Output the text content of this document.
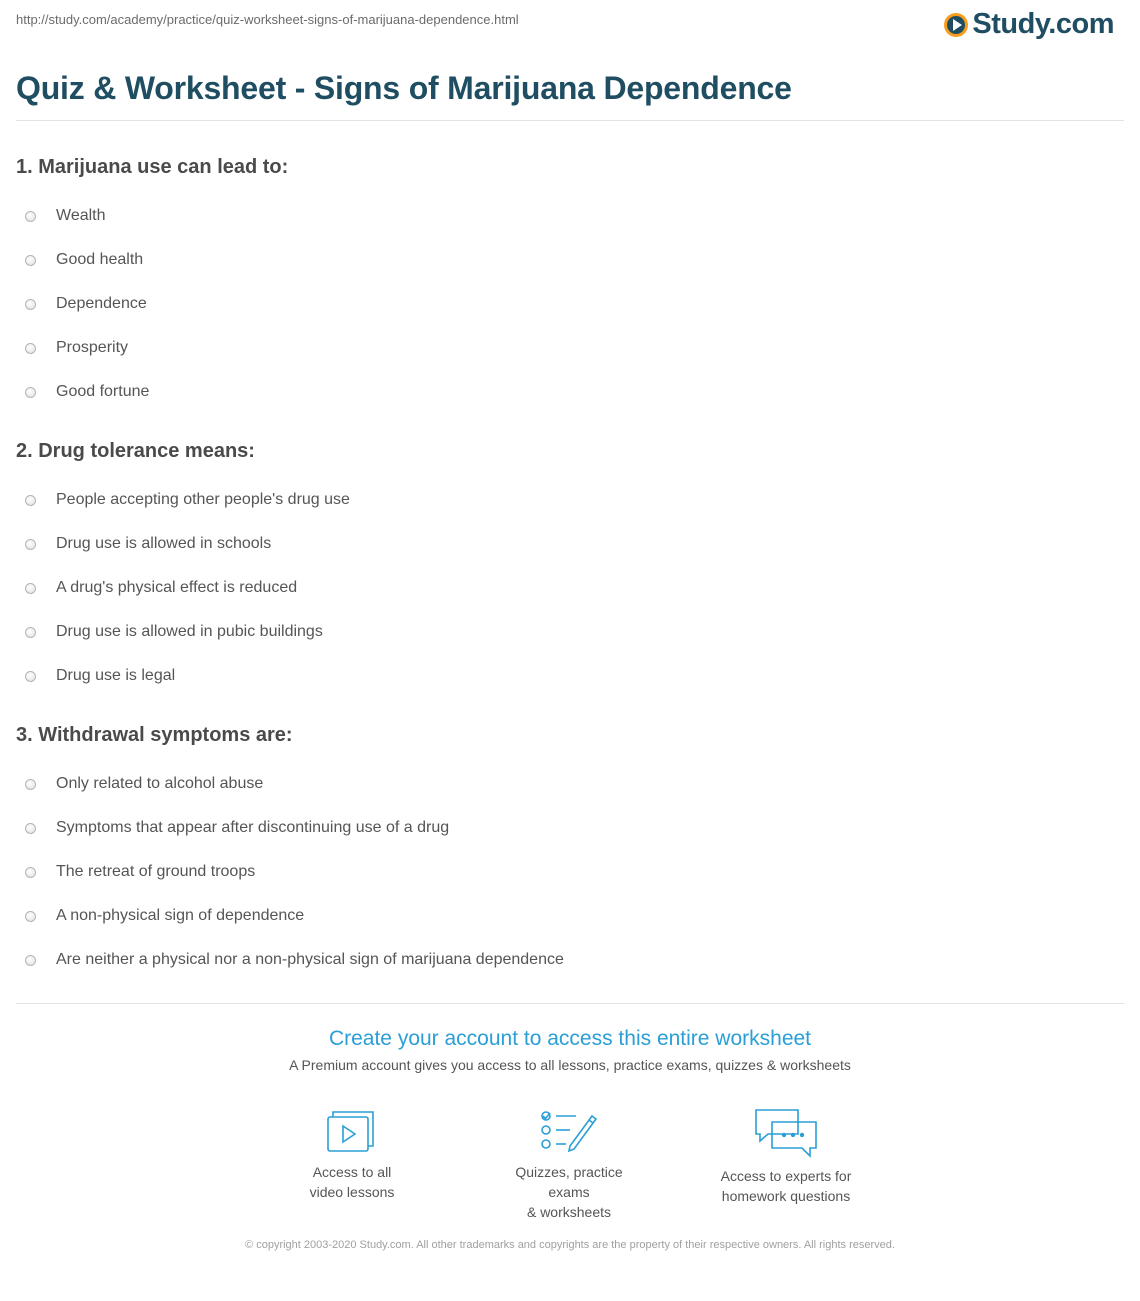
http://study.com/academy/practice/quiz-worksheet-signs-of-marijuana-dependence.html	Study.com
Quiz & Worksheet - Signs of Marijuana Dependence
1. Marijuana use can lead to:
Wealth
Good health
Dependence
Prosperity
Good fortune
2. Drug tolerance means:
People accepting other people's drug use
Drug use is allowed in schools
A drug's physical effect is reduced
Drug use is allowed in pubic buildings
Drug use is legal
3. Withdrawal symptoms are:
Only related to alcohol abuse
Symptoms that appear after discontinuing use of a drug
The retreat of ground troops
A non-physical sign of dependence
Are neither a physical nor a non-physical sign of marijuana dependence
Create your account to access this entire worksheet
A Premium account gives you access to all lessons, practice exams, quizzes & worksheets
Access to all
video lessons
Quizzes, practice exams
& worksheets
Access to experts for
homework questions
© copyright 2003-2020 Study.com. All other trademarks and copyrights are the property of their respective owners. All rights reserved.
